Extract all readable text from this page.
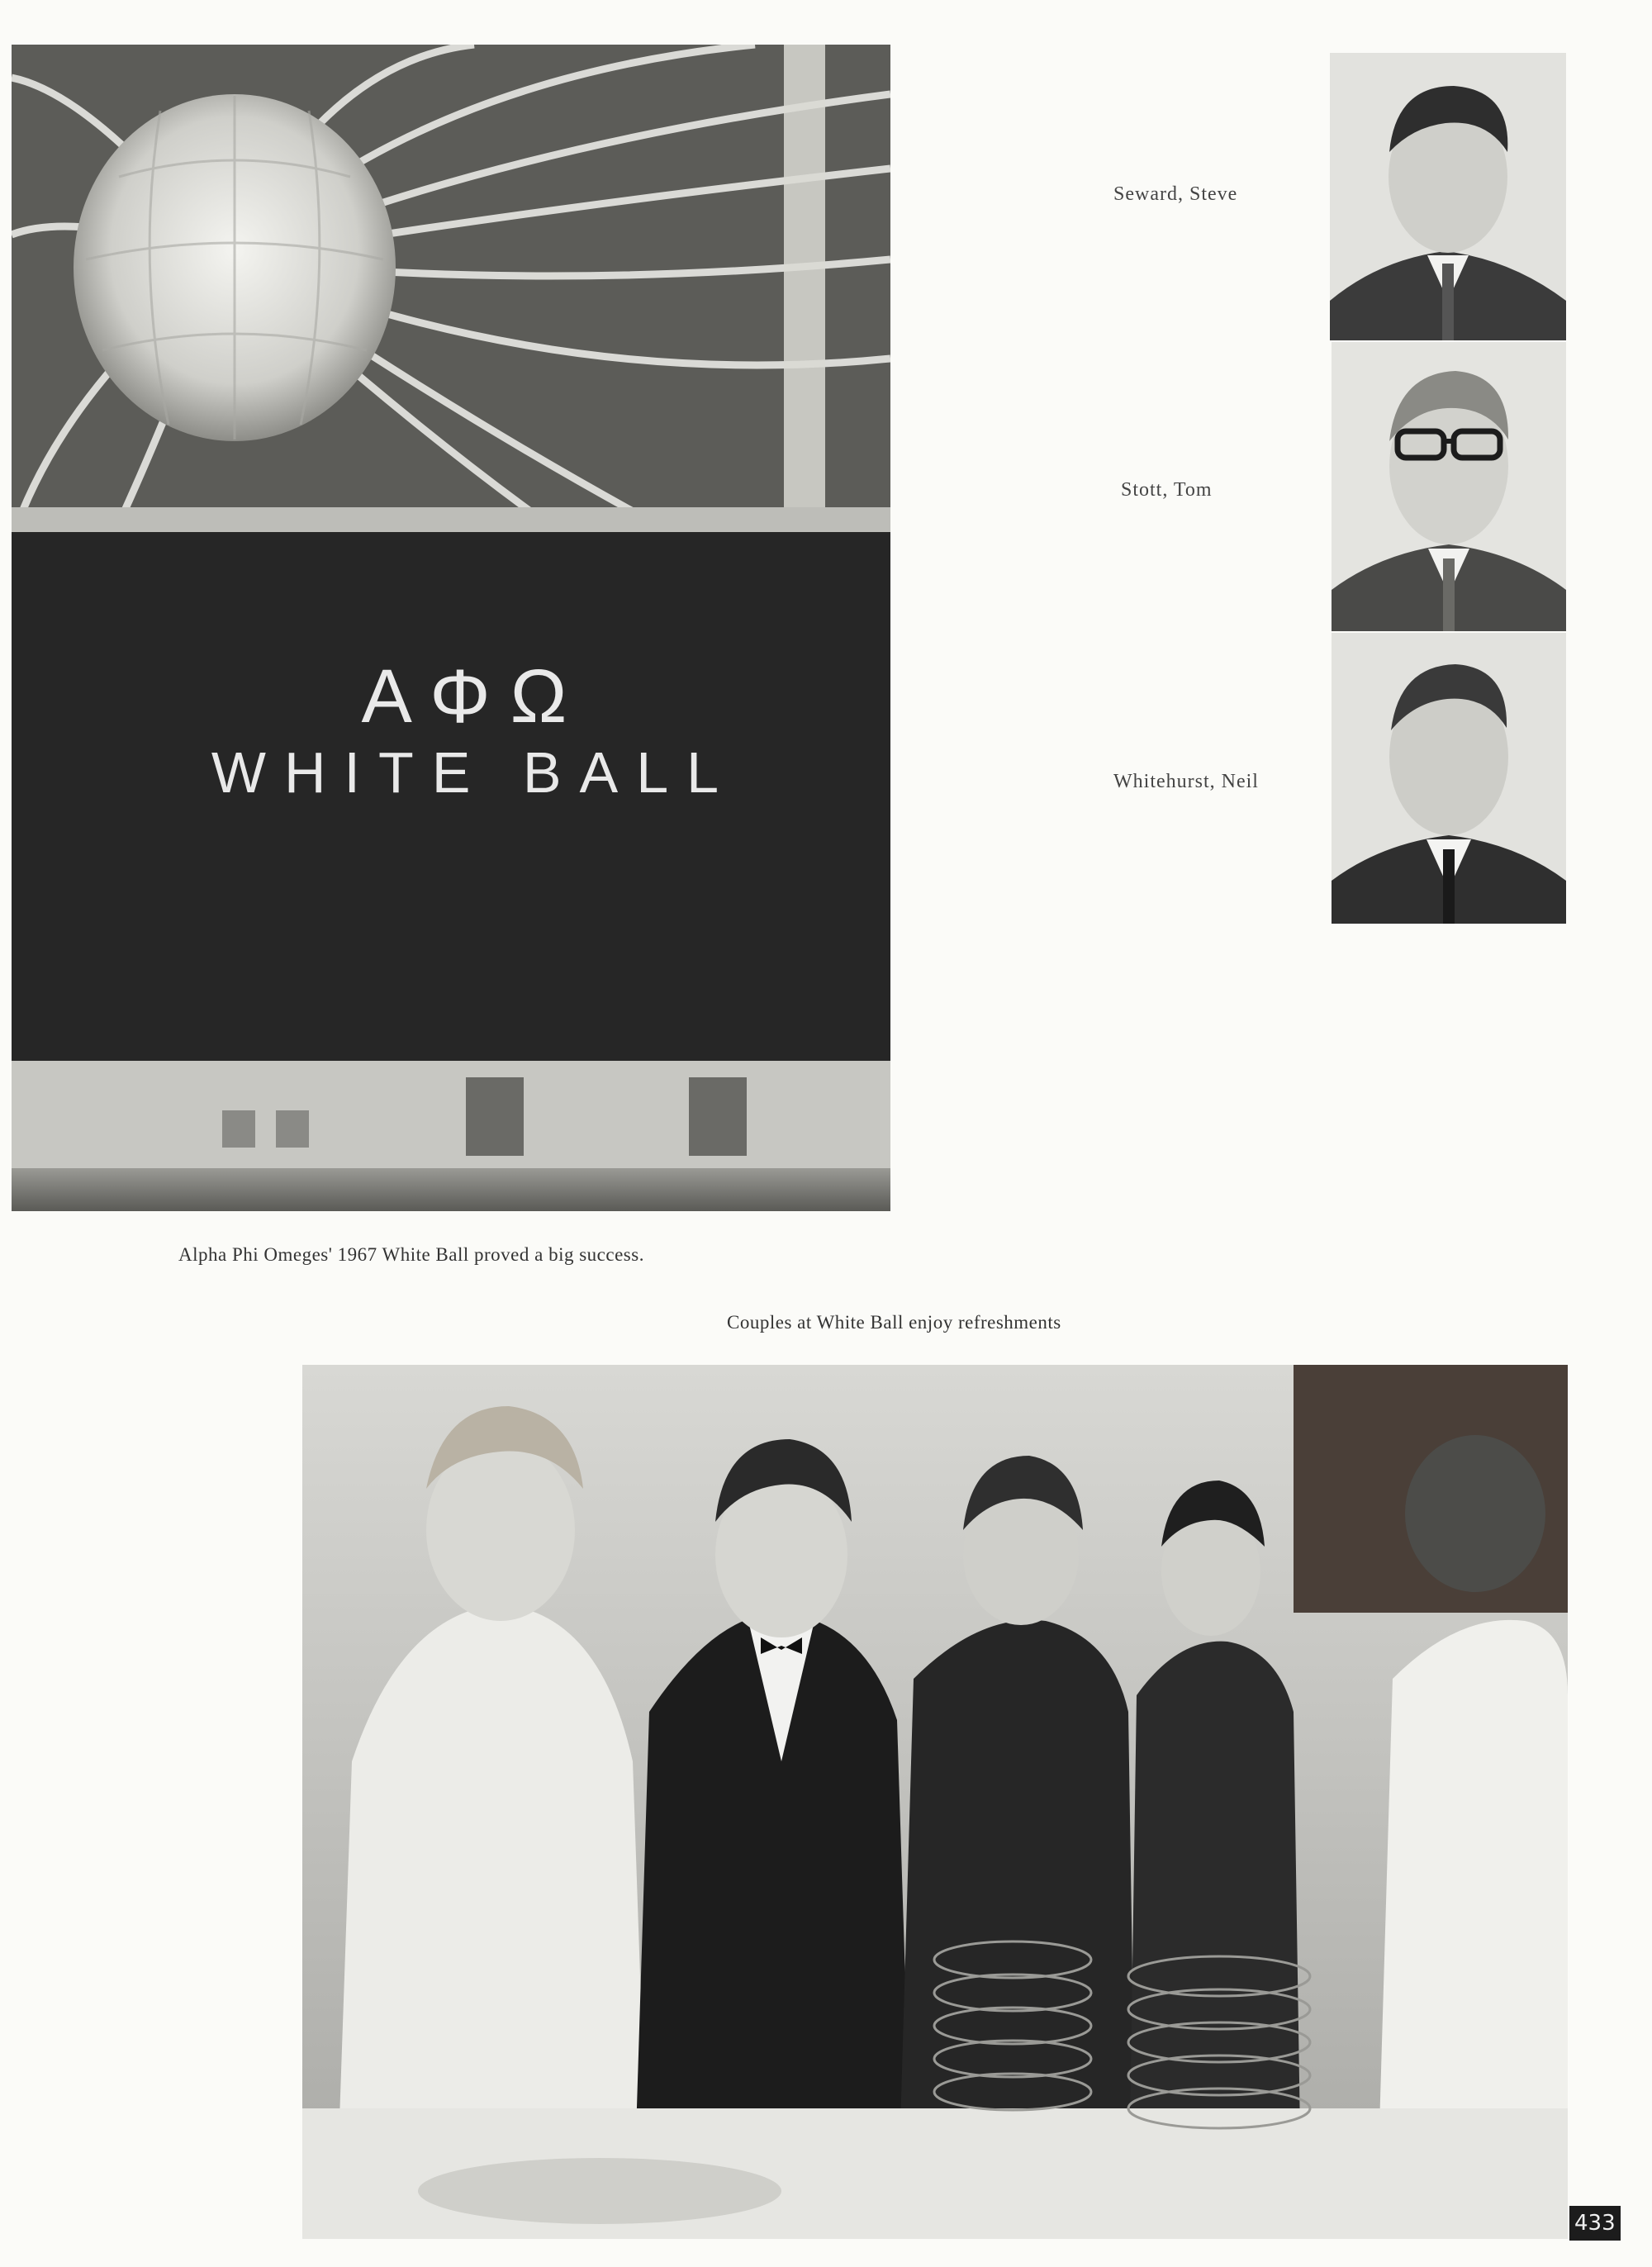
ΑΦΩ
WHITE BALL
Alpha Phi Omeges' 1967 White Ball proved a big success.
Seward, Steve
Stott, Tom
Whitehurst, Neil
Couples at White Ball enjoy refreshments
433
